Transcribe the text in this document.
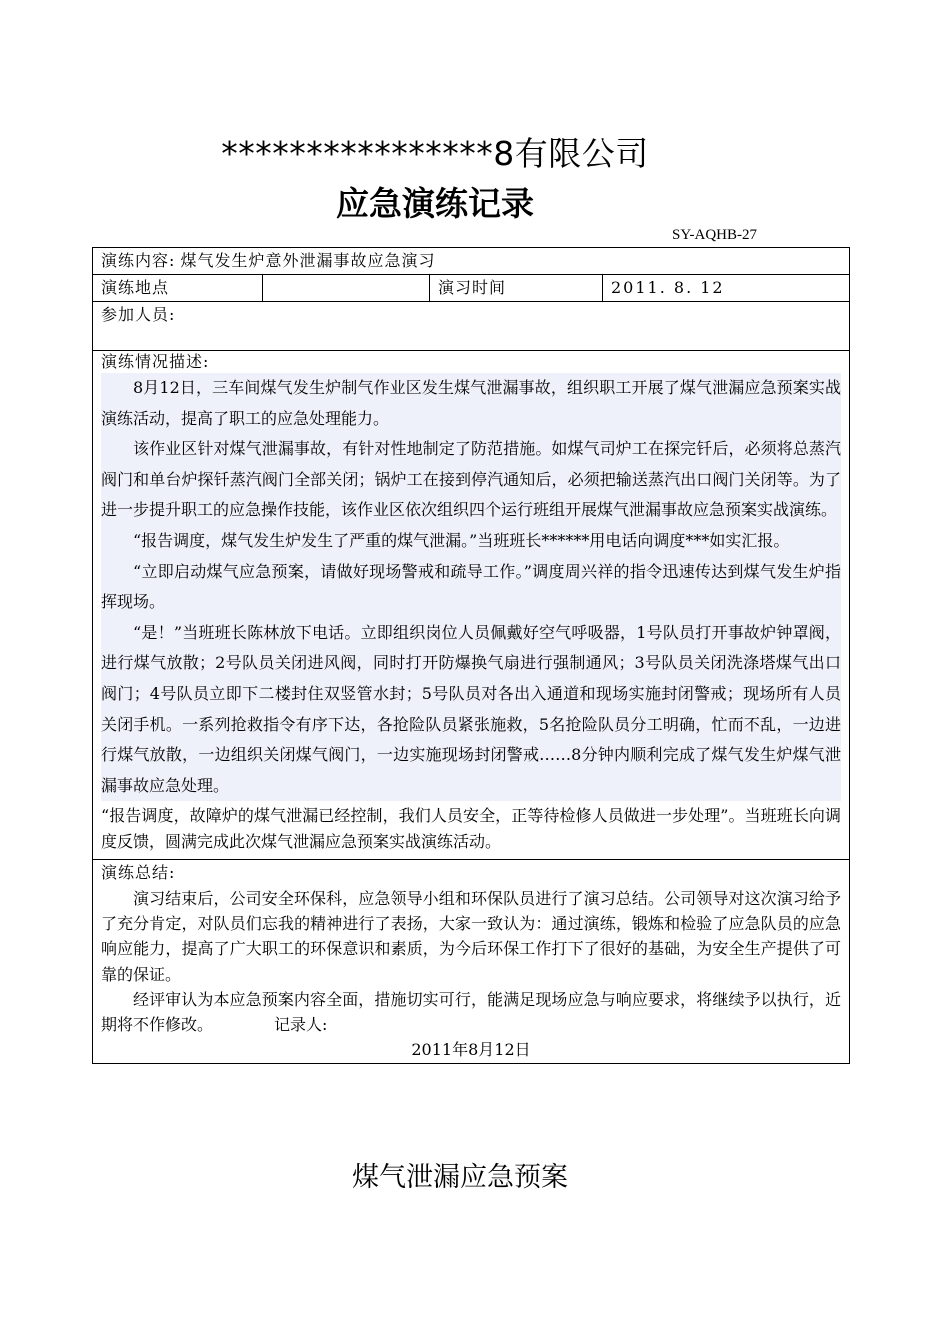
****************8有限公司
应急演练记录
SY-AQHB-27
演练内容: 煤气发生炉意外泄漏事故应急演习
演练地点		演习时间	2011. 8. 12
参加人员:

演练情况描述:

8月12日，三车间煤气发生炉制气作业区发生煤气泄漏事故，组织职工开展了煤气泄漏应急预案实战演练活动，提高了职工的应急处理能力。

该作业区针对煤气泄漏事故，有针对性地制定了防范措施。如煤气司炉工在探完钎后，必须将总蒸汽阀门和单台炉探钎蒸汽阀门全部关闭；锅炉工在接到停汽通知后，必须把输送蒸汽出口阀门关闭等。为了进一步提升职工的应急操作技能，该作业区依次组织四个运行班组开展煤气泄漏事故应急预案实战演练。

“报告调度，煤气发生炉发生了严重的煤气泄漏。”当班班长******用电话向调度***如实汇报。

“立即启动煤气应急预案，请做好现场警戒和疏导工作。”调度周兴祥的指令迅速传达到煤气发生炉指挥现场。

“是！”当班班长陈林放下电话。立即组织岗位人员佩戴好空气呼吸器，1号队员打开事故炉钟罩阀，进行煤气放散；2号队员关闭进风阀，同时打开防爆换气扇进行强制通风；3号队员关闭洗涤塔煤气出口阀门；4号队员立即下二楼封住双竖管水封；5号队员对各出入通道和现场实施封闭警戒；现场所有人员关闭手机。一系列抢救指令有序下达，各抢险队员紧张施救，5名抢险队员分工明确，忙而不乱，一边进行煤气放散，一边组织关闭煤气阀门，一边实施现场封闭警戒……8分钟内顺利完成了煤气发生炉煤气泄漏事故应急处理。

“报告调度，故障炉的煤气泄漏已经控制，我们人员安全，正等待检修人员做进一步处理”。当班班长向调度反馈，圆满完成此次煤气泄漏应急预案实战演练活动。

演练总结:

演习结束后，公司安全环保科，应急领导小组和环保队员进行了演习总结。公司领导对这次演习给予了充分肯定，对队员们忘我的精神进行了表扬，大家一致认为：通过演练，锻炼和检验了应急队员的应急响应能力，提高了广大职工的环保意识和素质，为今后环保工作打下了很好的基础，为安全生产提供了可靠的保证。

经评审认为本应急预案内容全面，措施切实可行，能满足现场应急与响应要求，将继续予以执行，近期将不作修改。	记录人:

2011年8月12日

煤气泄漏应急预案
